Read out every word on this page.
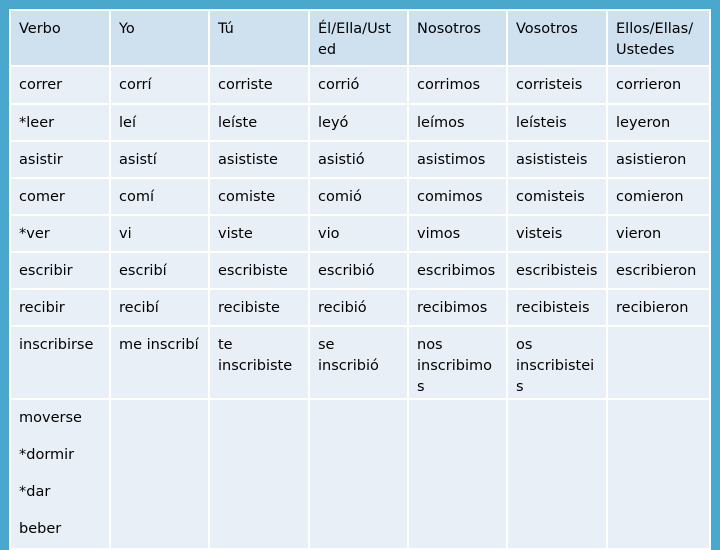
Verbo	Yo	Tú	Él/Ella/Usted	Nosotros	Vosotros	Ellos/Ellas/Ustedes
correr	corrí	corriste	corrió	corrimos	corristeis	corrieron
*leer	leí	leíste	leyó	leímos	leísteis	leyeron
asistir	asistí	asististe	asistió	asistimos	asististeis	asistieron
comer	comí	comiste	comió	comimos	comisteis	comieron
*ver	vi	viste	vio	vimos	visteis	vieron
escribir	escribí	escribiste	escribió	escribimos	escribisteis	escribieron
recibir	recibí	recibiste	recibió	recibimos	recibisteis	recibieron
inscribirse	me inscribí	te inscribiste	se inscribió	nos inscribimos	os inscribisteis	

moverse
*dormir
*dar
beber						
